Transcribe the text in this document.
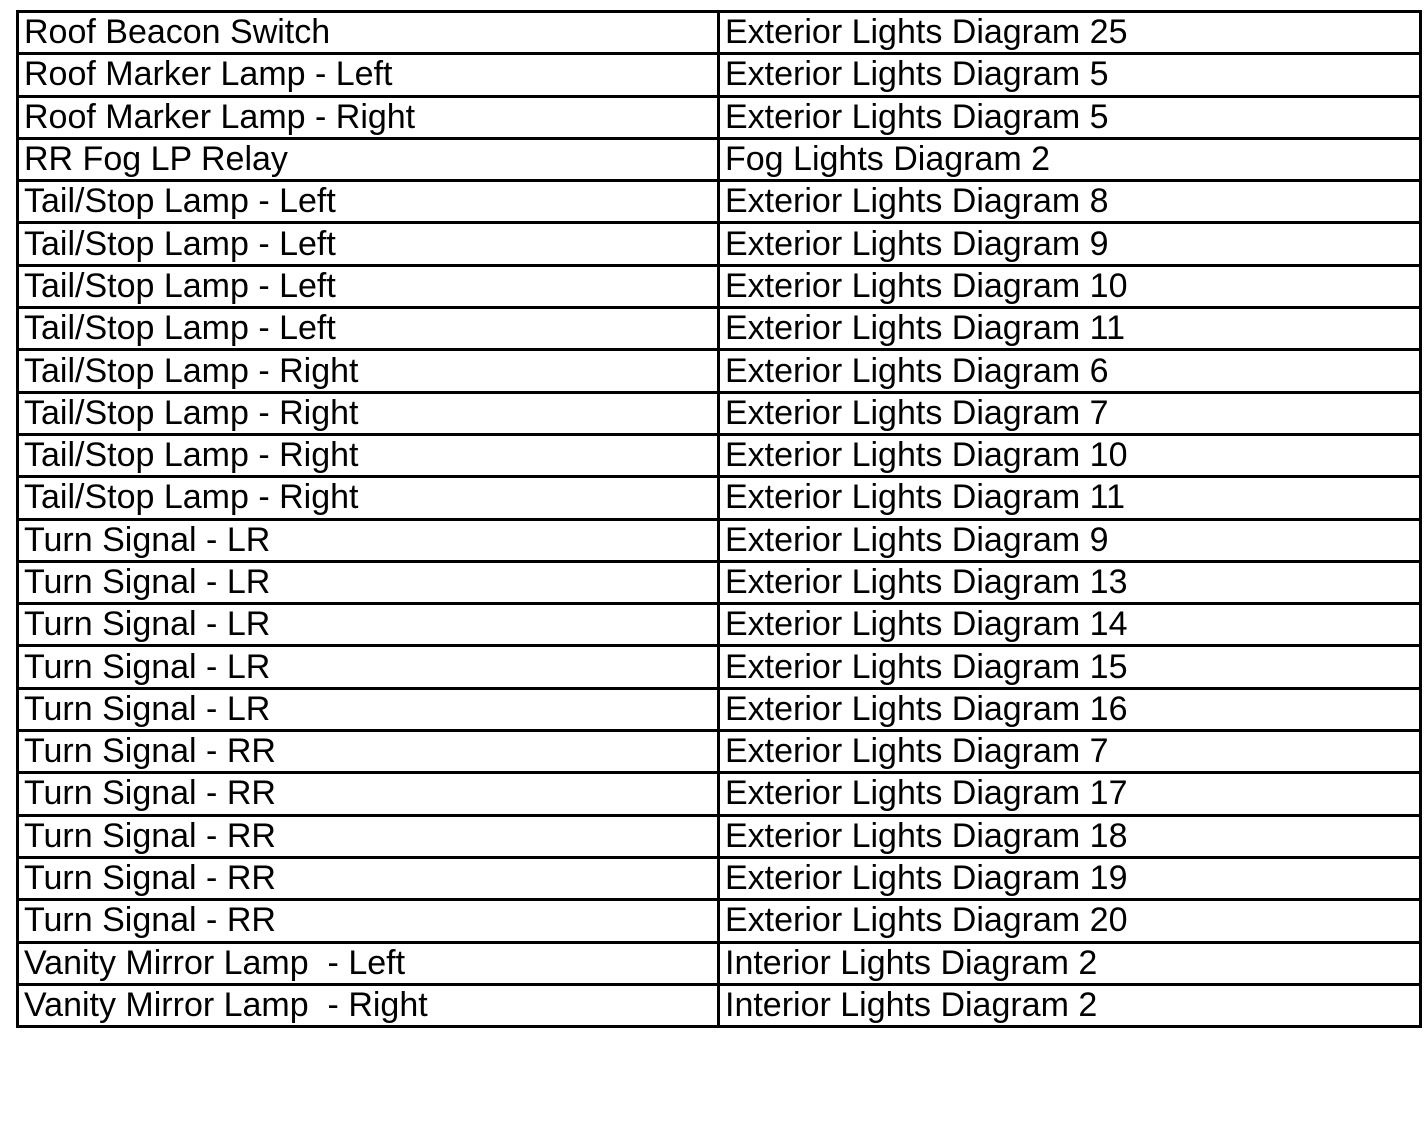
Roof Beacon Switch	Exterior Lights Diagram 25
Roof Marker Lamp - Left	Exterior Lights Diagram 5
Roof Marker Lamp - Right	Exterior Lights Diagram 5
RR Fog LP Relay	Fog Lights Diagram 2
Tail/Stop Lamp - Left	Exterior Lights Diagram 8
Tail/Stop Lamp - Left	Exterior Lights Diagram 9
Tail/Stop Lamp - Left	Exterior Lights Diagram 10
Tail/Stop Lamp - Left	Exterior Lights Diagram 11
Tail/Stop Lamp - Right	Exterior Lights Diagram 6
Tail/Stop Lamp - Right	Exterior Lights Diagram 7
Tail/Stop Lamp - Right	Exterior Lights Diagram 10
Tail/Stop Lamp - Right	Exterior Lights Diagram 11
Turn Signal - LR	Exterior Lights Diagram 9
Turn Signal - LR	Exterior Lights Diagram 13
Turn Signal - LR	Exterior Lights Diagram 14
Turn Signal - LR	Exterior Lights Diagram 15
Turn Signal - LR	Exterior Lights Diagram 16
Turn Signal - RR	Exterior Lights Diagram 7
Turn Signal - RR	Exterior Lights Diagram 17
Turn Signal - RR	Exterior Lights Diagram 18
Turn Signal - RR	Exterior Lights Diagram 19
Turn Signal - RR	Exterior Lights Diagram 20
Vanity Mirror Lamp  - Left	Interior Lights Diagram 2
Vanity Mirror Lamp  - Right	Interior Lights Diagram 2
